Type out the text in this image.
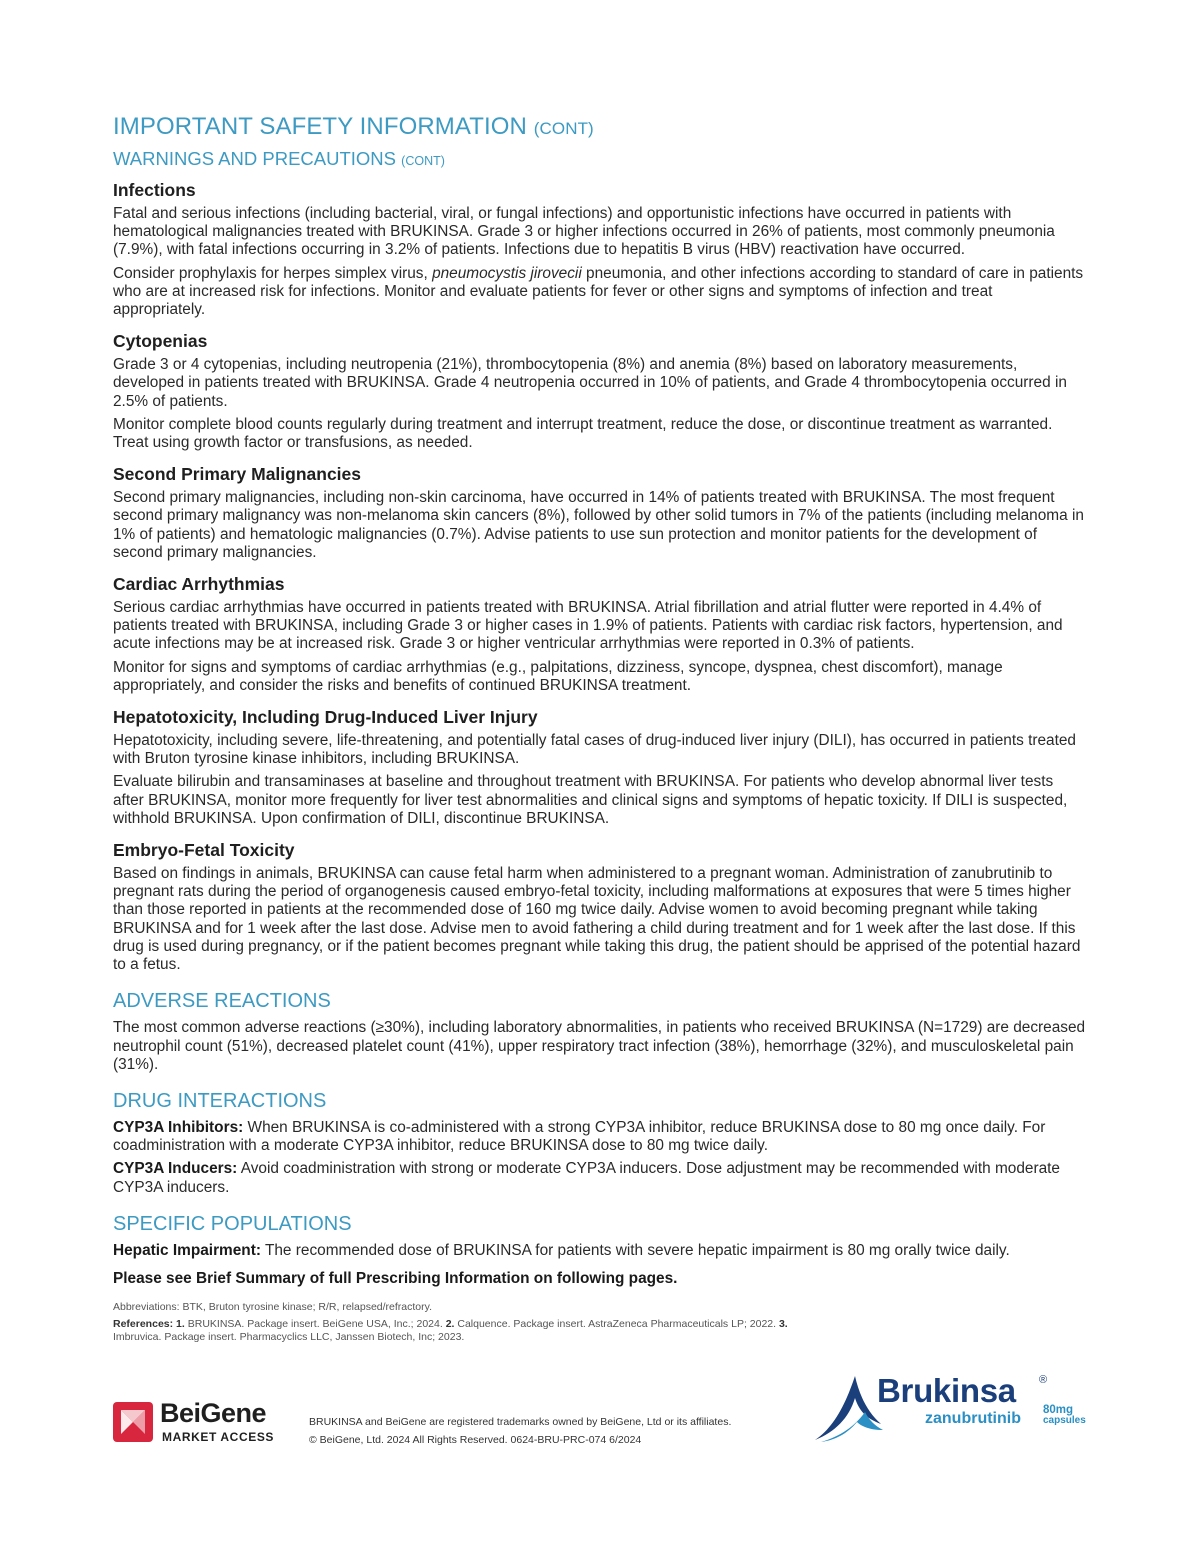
IMPORTANT SAFETY INFORMATION (CONT)
WARNINGS AND PRECAUTIONS (CONT)
Infections

Fatal and serious infections (including bacterial, viral, or fungal infections) and opportunistic infections have occurred in patients with hematological malignancies treated with BRUKINSA. Grade 3 or higher infections occurred in 26% of patients, most commonly pneumonia (7.9%), with fatal infections occurring in 3.2% of patients. Infections due to hepatitis B virus (HBV) reactivation have occurred.

Consider prophylaxis for herpes simplex virus, pneumocystis jirovecii pneumonia, and other infections according to standard of care in patients who are at increased risk for infections. Monitor and evaluate patients for fever or other signs and symptoms of infection and treat appropriately.

Cytopenias

Grade 3 or 4 cytopenias, including neutropenia (21%), thrombocytopenia (8%) and anemia (8%) based on laboratory measurements, developed in patients treated with BRUKINSA. Grade 4 neutropenia occurred in 10% of patients, and Grade 4 thrombocytopenia occurred in 2.5% of patients.

Monitor complete blood counts regularly during treatment and interrupt treatment, reduce the dose, or discontinue treatment as warranted. Treat using growth factor or transfusions, as needed.

Second Primary Malignancies

Second primary malignancies, including non-skin carcinoma, have occurred in 14% of patients treated with BRUKINSA. The most frequent second primary malignancy was non-melanoma skin cancers (8%), followed by other solid tumors in 7% of the patients (including melanoma in 1% of patients) and hematologic malignancies (0.7%). Advise patients to use sun protection and monitor patients for the development of second primary malignancies.

Cardiac Arrhythmias

Serious cardiac arrhythmias have occurred in patients treated with BRUKINSA. Atrial fibrillation and atrial flutter were reported in 4.4% of patients treated with BRUKINSA, including Grade 3 or higher cases in 1.9% of patients. Patients with cardiac risk factors, hypertension, and acute infections may be at increased risk. Grade 3 or higher ventricular arrhythmias were reported in 0.3% of patients.

Monitor for signs and symptoms of cardiac arrhythmias (e.g., palpitations, dizziness, syncope, dyspnea, chest discomfort), manage appropriately, and consider the risks and benefits of continued BRUKINSA treatment.

Hepatotoxicity, Including Drug-Induced Liver Injury

Hepatotoxicity, including severe, life-threatening, and potentially fatal cases of drug-induced liver injury (DILI), has occurred in patients treated with Bruton tyrosine kinase inhibitors, including BRUKINSA.

Evaluate bilirubin and transaminases at baseline and throughout treatment with BRUKINSA. For patients who develop abnormal liver tests after BRUKINSA, monitor more frequently for liver test abnormalities and clinical signs and symptoms of hepatic toxicity. If DILI is suspected, withhold BRUKINSA. Upon confirmation of DILI, discontinue BRUKINSA.

Embryo-Fetal Toxicity

Based on findings in animals, BRUKINSA can cause fetal harm when administered to a pregnant woman. Administration of zanubrutinib to pregnant rats during the period of organogenesis caused embryo-fetal toxicity, including malformations at exposures that were 5 times higher than those reported in patients at the recommended dose of 160 mg twice daily. Advise women to avoid becoming pregnant while taking BRUKINSA and for 1 week after the last dose. Advise men to avoid fathering a child during treatment and for 1 week after the last dose. If this drug is used during pregnancy, or if the patient becomes pregnant while taking this drug, the patient should be apprised of the potential hazard to a fetus.

ADVERSE REACTIONS

The most common adverse reactions (≥30%), including laboratory abnormalities, in patients who received BRUKINSA (N=1729) are decreased neutrophil count (51%), decreased platelet count (41%), upper respiratory tract infection (38%), hemorrhage (32%), and musculoskeletal pain (31%).

DRUG INTERACTIONS

CYP3A Inhibitors: When BRUKINSA is co-administered with a strong CYP3A inhibitor, reduce BRUKINSA dose to 80 mg once daily. For coadministration with a moderate CYP3A inhibitor, reduce BRUKINSA dose to 80 mg twice daily.

CYP3A Inducers: Avoid coadministration with strong or moderate CYP3A inducers. Dose adjustment may be recommended with moderate CYP3A inducers.

SPECIFIC POPULATIONS

Hepatic Impairment: The recommended dose of BRUKINSA for patients with severe hepatic impairment is 80 mg orally twice daily.

Please see Brief Summary of full Prescribing Information on following pages.

Abbreviations: BTK, Bruton tyrosine kinase; R/R, relapsed/refractory.

References: 1. BRUKINSA. Package insert. BeiGene USA, Inc.; 2024. 2. Calquence. Package insert. AstraZeneca Pharmaceuticals LP; 2022. 3. Imbruvica. Package insert. Pharmacyclics LLC, Janssen Biotech, Inc; 2023.

BeiGene
MARKET ACCESS
BRUKINSA and BeiGene are registered trademarks owned by BeiGene, Ltd or its affiliates.
© BeiGene, Ltd. 2024 All Rights Reserved. 0624-BRU-PRC-074 6/2024
Brukinsa ®
zanubrutinib 80mg
capsules
